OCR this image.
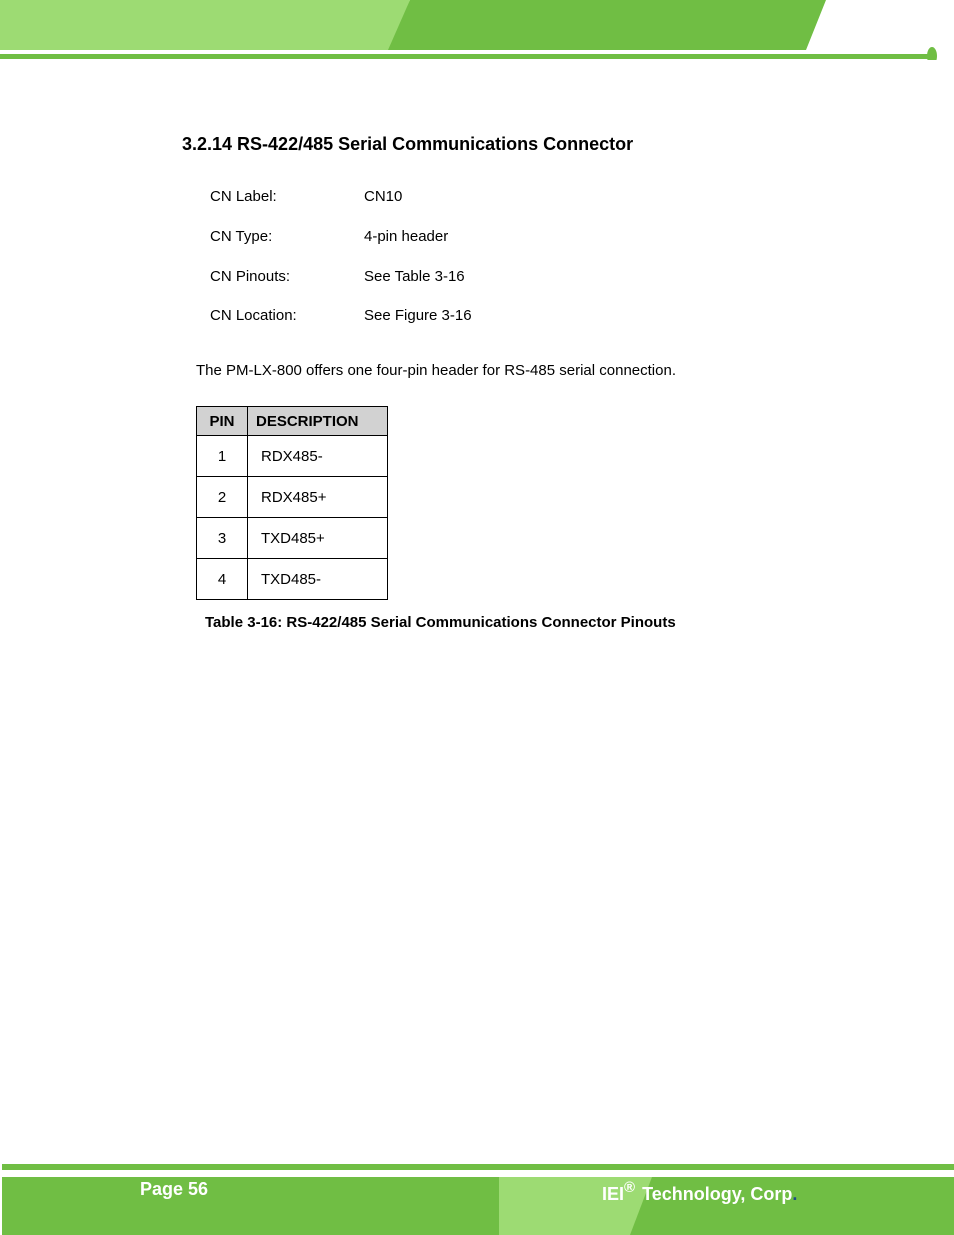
3.2.14 RS-422/485 Serial Communications Connector
CN Label:	CN10
CN Type:	4-pin header
CN Pinouts:	See Table 3-16
CN Location:	See Figure 3-16
The PM-LX-800 offers one four-pin header for RS-485 serial connection.
PIN	DESCRIPTION
1	RDX485-
2	RDX485+
3	TXD485+
4	TXD485-
Table 3-16: RS-422/485 Serial Communications Connector Pinouts
Page 56	IEI® Technology, Corp.
